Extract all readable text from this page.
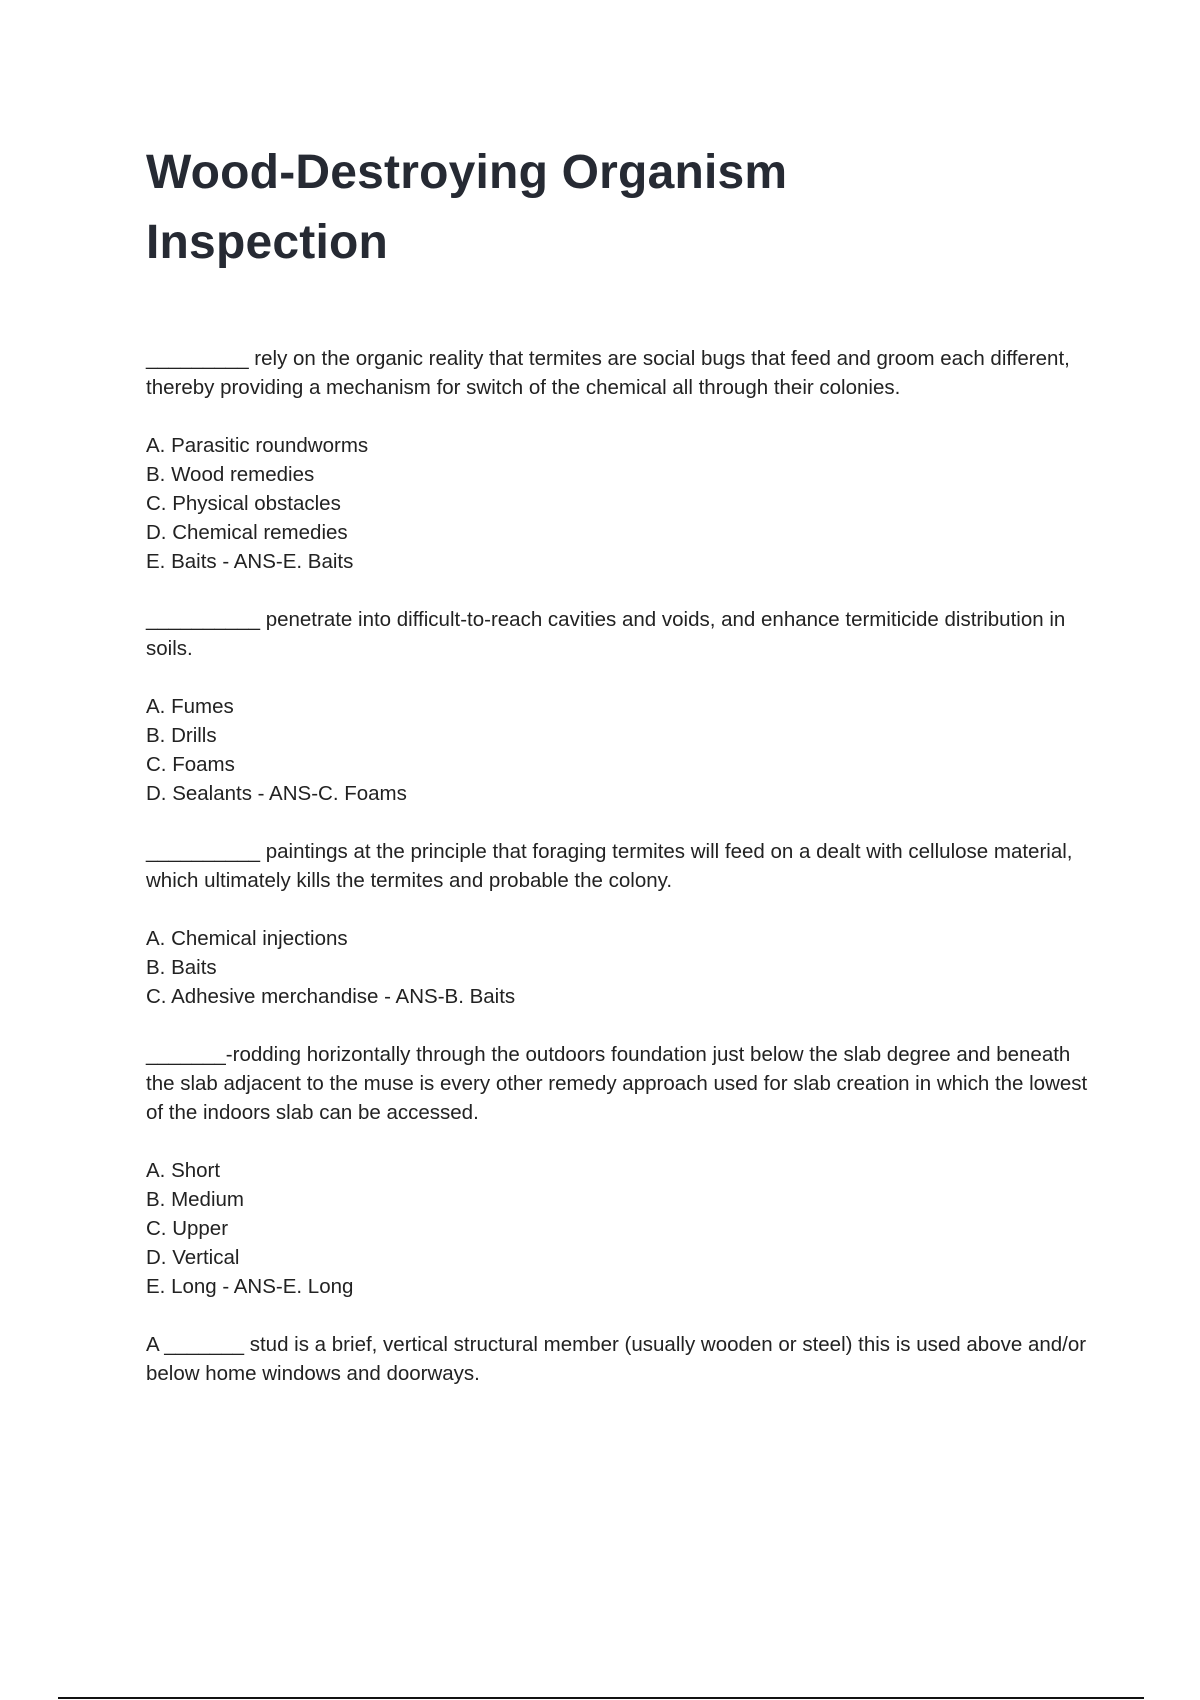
Wood-Destroying Organism
Inspection

_________ rely on the organic reality that termites are social bugs that feed and groom each different, thereby providing a mechanism for switch of the chemical all through their colonies.

A. Parasitic roundworms
B. Wood remedies
C. Physical obstacles
D. Chemical remedies
E. Baits - ANS-E. Baits

__________ penetrate into difficult-to-reach cavities and voids, and enhance termiticide distribution in soils.

A. Fumes
B. Drills
C. Foams
D. Sealants - ANS-C. Foams

__________ paintings at the principle that foraging termites will feed on a dealt with cellulose material, which ultimately kills the termites and probable the colony.

A. Chemical injections
B. Baits
C. Adhesive merchandise - ANS-B. Baits

_______-rodding horizontally through the outdoors foundation just below the slab degree and beneath the slab adjacent to the muse is every other remedy approach used for slab creation in which the lowest of the indoors slab can be accessed.

A. Short
B. Medium
C. Upper
D. Vertical
E. Long - ANS-E. Long

A _______ stud is a brief, vertical structural member (usually wooden or steel) this is used above and/or below home windows and doorways.
